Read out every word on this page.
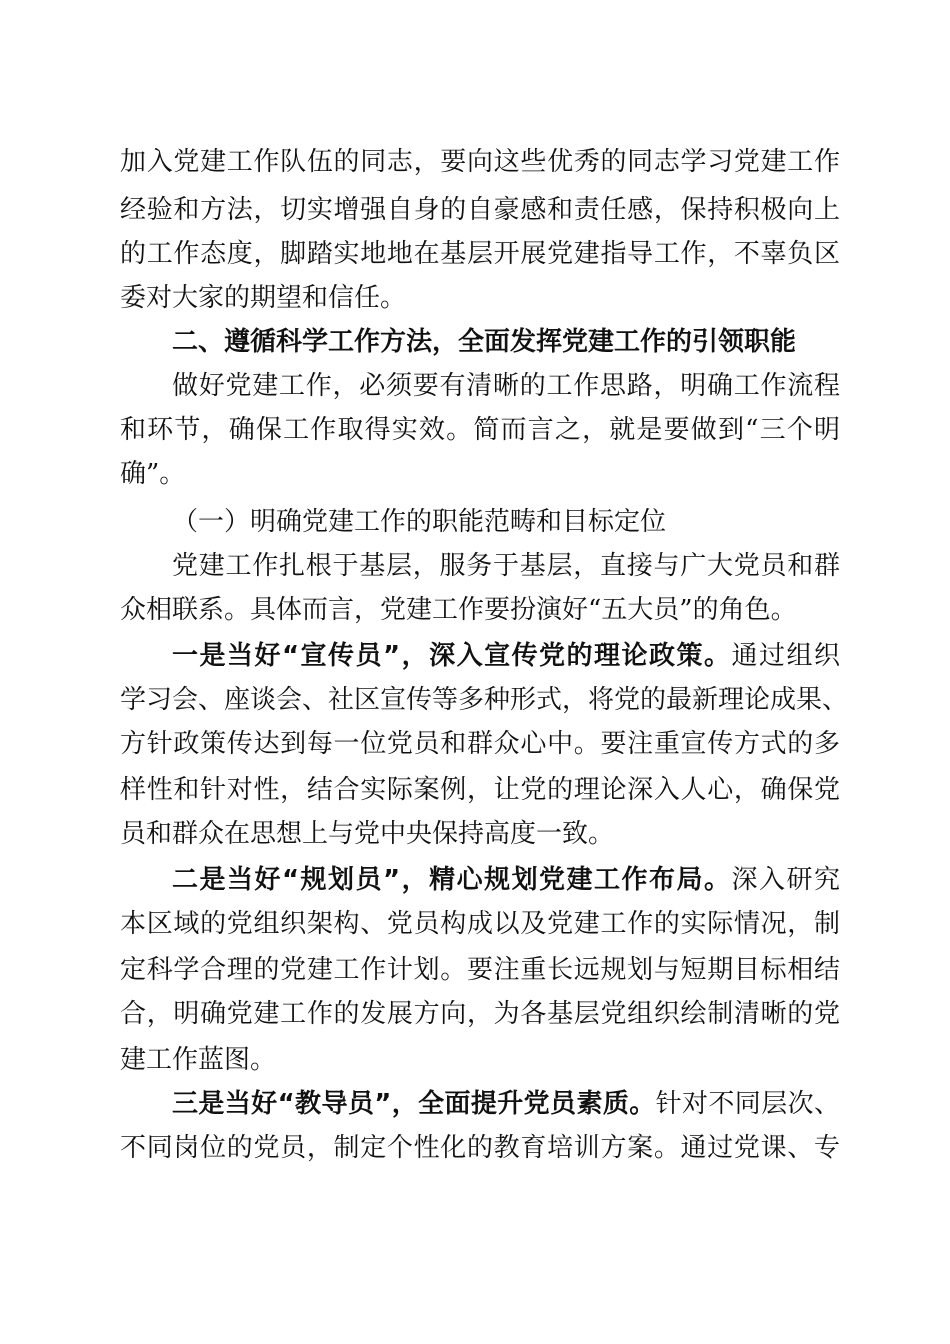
加入党建工作队伍的同志，要向这些优秀的同志学习党建工作
经验和方法，切实增强自身的自豪感和责任感，保持积极向上
的工作态度，脚踏实地地在基层开展党建指导工作，不辜负区
委对大家的期望和信任。
二、遵循科学工作方法，全面发挥党建工作的引领职能
做好党建工作，必须要有清晰的工作思路，明确工作流程
和环节，确保工作取得实效。简而言之，就是要做到“三个明
确”。
（一）明确党建工作的职能范畴和目标定位
党建工作扎根于基层，服务于基层，直接与广大党员和群
众相联系。具体而言，党建工作要扮演好“五大员”的角色。
一是当好“宣传员”，深入宣传党的理论政策。通过组织
学习会、座谈会、社区宣传等多种形式，将党的最新理论成果、
方针政策传达到每一位党员和群众心中。要注重宣传方式的多
样性和针对性，结合实际案例，让党的理论深入人心，确保党
员和群众在思想上与党中央保持高度一致。
二是当好“规划员”，精心规划党建工作布局。深入研究
本区域的党组织架构、党员构成以及党建工作的实际情况，制
定科学合理的党建工作计划。要注重长远规划与短期目标相结
合，明确党建工作的发展方向，为各基层党组织绘制清晰的党
建工作蓝图。
三是当好“教导员”，全面提升党员素质。针对不同层次、
不同岗位的党员，制定个性化的教育培训方案。通过党课、专
